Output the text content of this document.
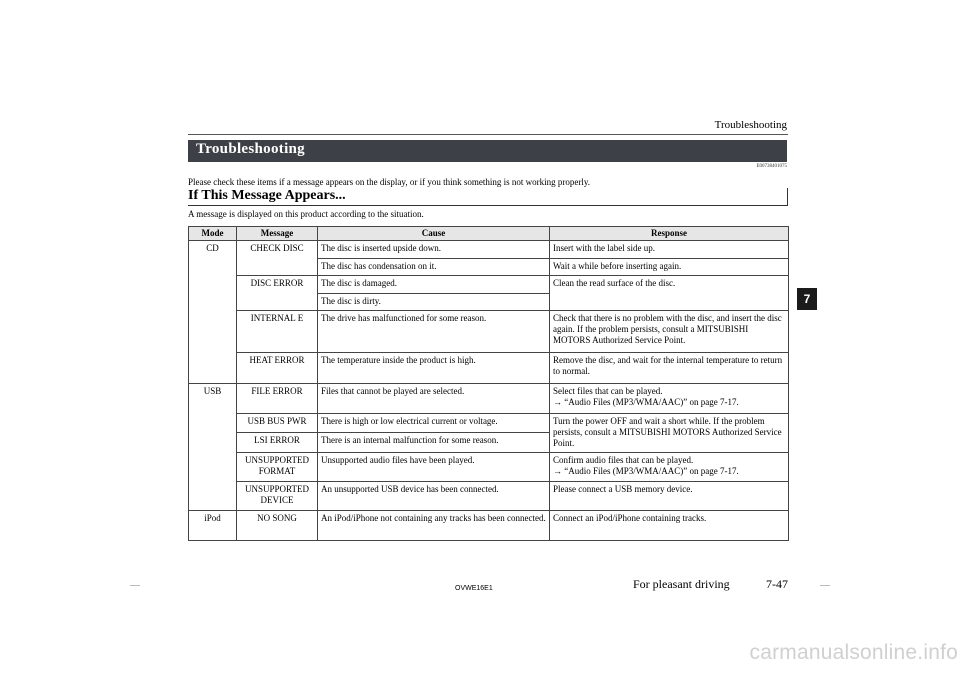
Troubleshooting
Troubleshooting
E00738401075
Please check these items if a message appears on the display, or if you think something is not working properly.
If This Message Appears...
A message is displayed on this product according to the situation.
7
Mode	Message	Cause	Response
CD	CHECK DISC	The disc is inserted upside down.	Insert with the label side up.
		The disc has condensation on it.	Wait a while before inserting again.
	DISC ERROR	The disc is damaged.	Clean the read surface of the disc.
		The disc is dirty.	
	INTERNAL E	The drive has malfunctioned for some reason.	Check that there is no problem with the disc, and insert the disc again. If the problem persists, consult a MITSUBISHI MOTORS Authorized Service Point.
	HEAT ERROR	The temperature inside the product is high.	Remove the disc, and wait for the internal temperature to return to normal.
USB	FILE ERROR	Files that cannot be played are selected.	Select files that can be played.
→ “Audio Files (MP3/WMA/AAC)” on page 7-17.
	USB BUS PWR	There is high or low electrical current or voltage.	Turn the power OFF and wait a short while. If the problem persists, consult a MITSUBISHI MOTORS Authorized Service Point.
	LSI ERROR	There is an internal malfunction for some reason.	
	UNSUPPORTED
FORMAT	Unsupported audio files have been played.	Confirm audio files that can be played.
→ “Audio Files (MP3/WMA/AAC)” on page 7-17.
	UNSUPPORTED
DEVICE	An unsupported USB device has been connected.	Please connect a USB memory device.
iPod	NO SONG	An iPod/iPhone not containing any tracks has been connected.	Connect an iPod/iPhone containing tracks.
OVWE16E1	For pleasant driving	7-47
carmanualsonline.info
